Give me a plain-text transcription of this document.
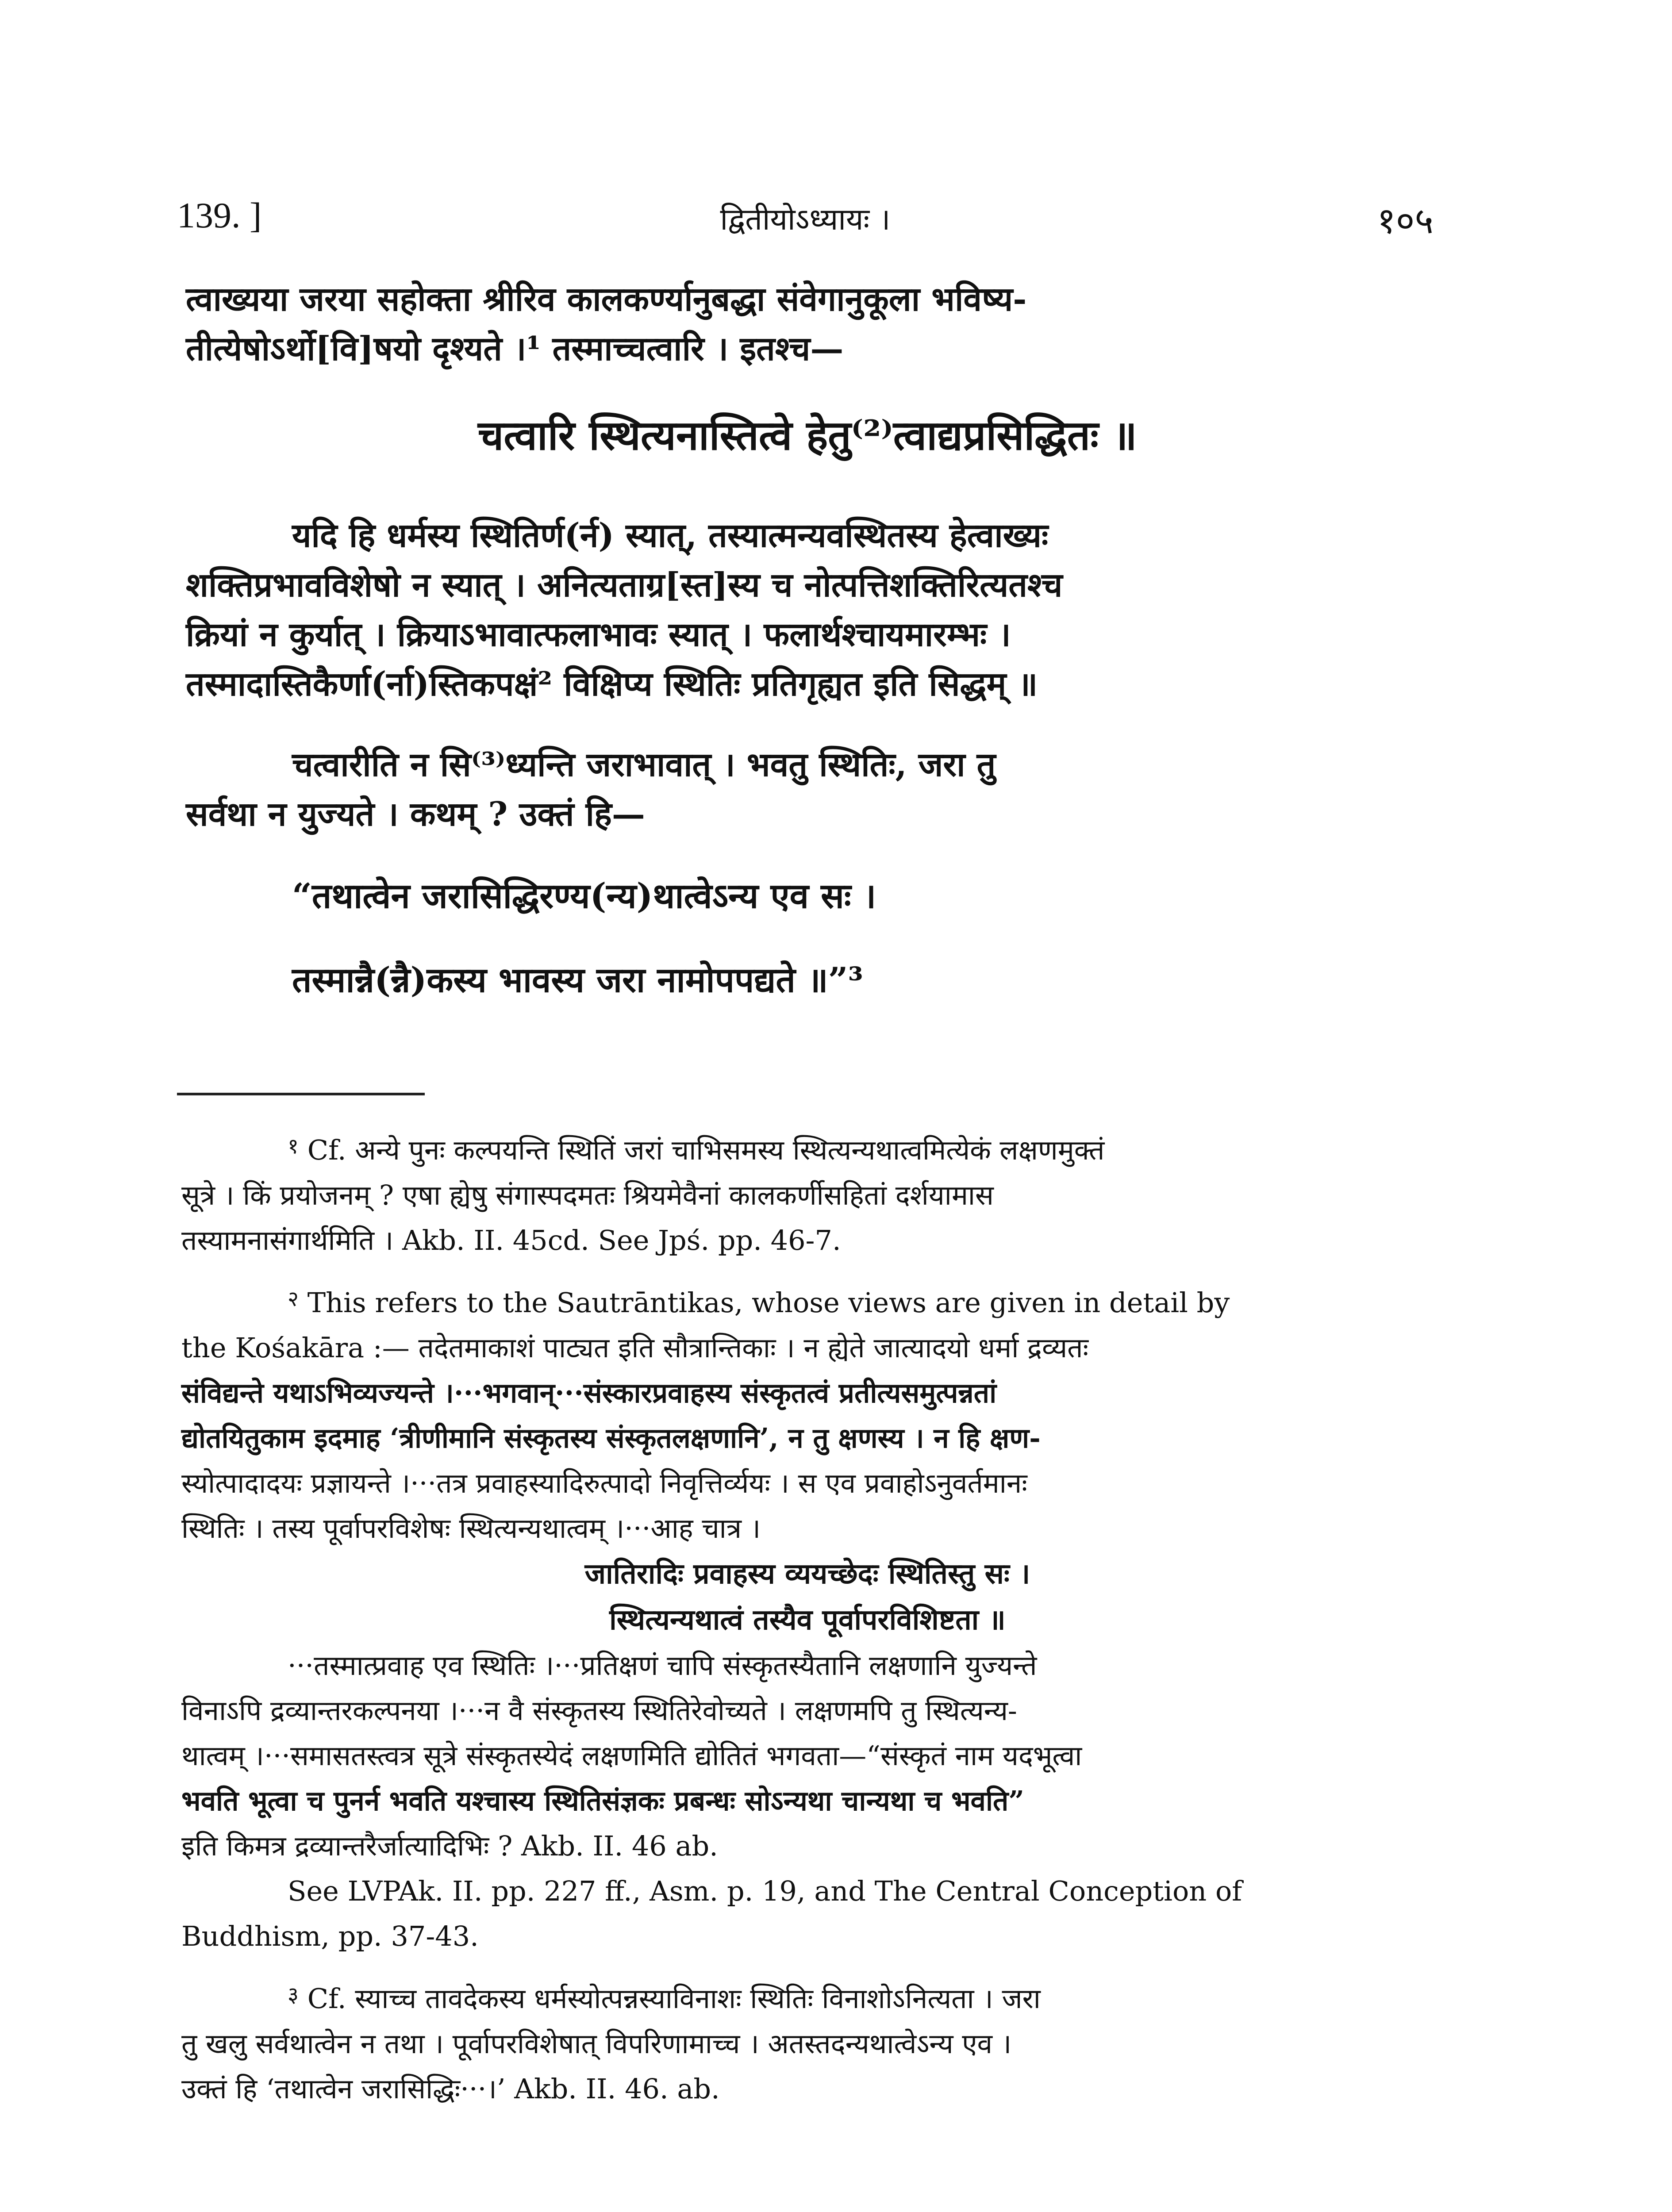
139. ]	द्वितीयोऽध्यायः ।	१०५
त्वाख्यया जरया सहोक्ता श्रीरिव कालकर्ण्यानुबद्धा संवेगानुकूला भविष्य-
तीत्येषोऽर्थो[वि]षयो दृश्यते ।¹ तस्माच्चत्वारि । इतश्च—
चत्वारि स्थित्यनास्तित्वे हेतु⁽²⁾त्वाद्यप्रसिद्धितः ॥
यदि हि धर्मस्य स्थितिर्ण(र्न) स्यात्, तस्यात्मन्यवस्थितस्य हेत्वाख्यः
शक्तिप्रभावविशेषो न स्यात् । अनित्यताग्र[स्त]स्य च नोत्पत्तिशक्तिरित्यतश्च
क्रियां न कुर्यात् । क्रियाऽभावात्फलाभावः स्यात् । फलार्थश्चायमारम्भः ।
तस्मादास्तिकैर्णा(र्ना)स्तिकपक्षं² विक्षिप्य स्थितिः प्रतिगृह्यत इति सिद्धम् ॥
चत्वारीति न सि⁽³⁾ध्यन्ति जराभावात् । भवतु स्थितिः, जरा तु
सर्वथा न युज्यते । कथम् ? उक्तं हि—
“तथात्वेन जरासिद्धिरण्य(न्य)थात्वेऽन्य एव सः ।
तस्मान्नै(न्नै)कस्य भावस्य जरा नामोपपद्यते ॥”³
$^१$ Cf. अन्ये पुनः कल्पयन्ति स्थितिं जरां चाभिसमस्य स्थित्यन्यथात्वमित्येकं लक्षणमुक्तं
सूत्रे । किं प्रयोजनम् ? एषा ह्येषु संगास्पदमतः श्रियमेवैनां कालकर्णीसहितां दर्शयामास
तस्यामनासंगार्थमिति । Akb. II. 45cd. See Jpś. pp. 46-7.
$^२$ This refers to the Sautrāntikas, whose views are given in detail by
the Kośakāra :— तदेतमाकाशं पाट्यत इति सौत्रान्तिकाः । न ह्येते जात्यादयो धर्मा द्रव्यतः
संविद्यन्ते यथाऽभिव्यज्यन्ते ।···भगवान्···संस्कारप्रवाहस्य संस्कृतत्वं प्रतीत्यसमुत्पन्नतां
द्योतयितुकाम इदमाह ‘त्रीणीमानि संस्कृतस्य संस्कृतलक्षणानि’, न तु क्षणस्य । न हि क्षण-
स्योत्पादादयः प्रज्ञायन्ते ।···तत्र प्रवाहस्यादिरुत्पादो निवृत्तिर्व्ययः । स एव प्रवाहोऽनुवर्तमानः
स्थितिः । तस्य पूर्वापरविशेषः स्थित्यन्यथात्वम् ।···आह चात्र ।
जातिरादिः प्रवाहस्य व्ययच्छेदः स्थितिस्तु सः ।
स्थित्यन्यथात्वं तस्यैव पूर्वापरविशिष्टता ॥
···तस्मात्प्रवाह एव स्थितिः ।···प्रतिक्षणं चापि संस्कृतस्यैतानि लक्षणानि युज्यन्ते
विनाऽपि द्रव्यान्तरकल्पनया ।···न वै संस्कृतस्य स्थितिरेवोच्यते । लक्षणमपि तु स्थित्यन्य-
थात्वम् ।···समासतस्त्वत्र सूत्रे संस्कृतस्येदं लक्षणमिति द्योतितं भगवता—“संस्कृतं नाम यदभूत्वा
भवति भूत्वा च पुनर्न भवति यश्चास्य स्थितिसंज्ञकः प्रबन्धः सोऽन्यथा चान्यथा च भवति”
इति किमत्र द्रव्यान्तरैर्जात्यादिभिः ? Akb. II. 46 ab.
See LVPAk. II. pp. 227 ff., Asm. p. 19, and The Central Conception of
Buddhism, pp. 37-43.
$^३$ Cf. स्याच्च तावदेकस्य धर्मस्योत्पन्नस्याविनाशः स्थितिः विनाशोऽनित्यता । जरा
तु खलु सर्वथात्वेन न तथा । पूर्वापरविशेषात् विपरिणामाच्च । अतस्तदन्यथात्वेऽन्य एव ।
उक्तं हि ‘तथात्वेन जरासिद्धिः···।’ Akb. II. 46. ab.
